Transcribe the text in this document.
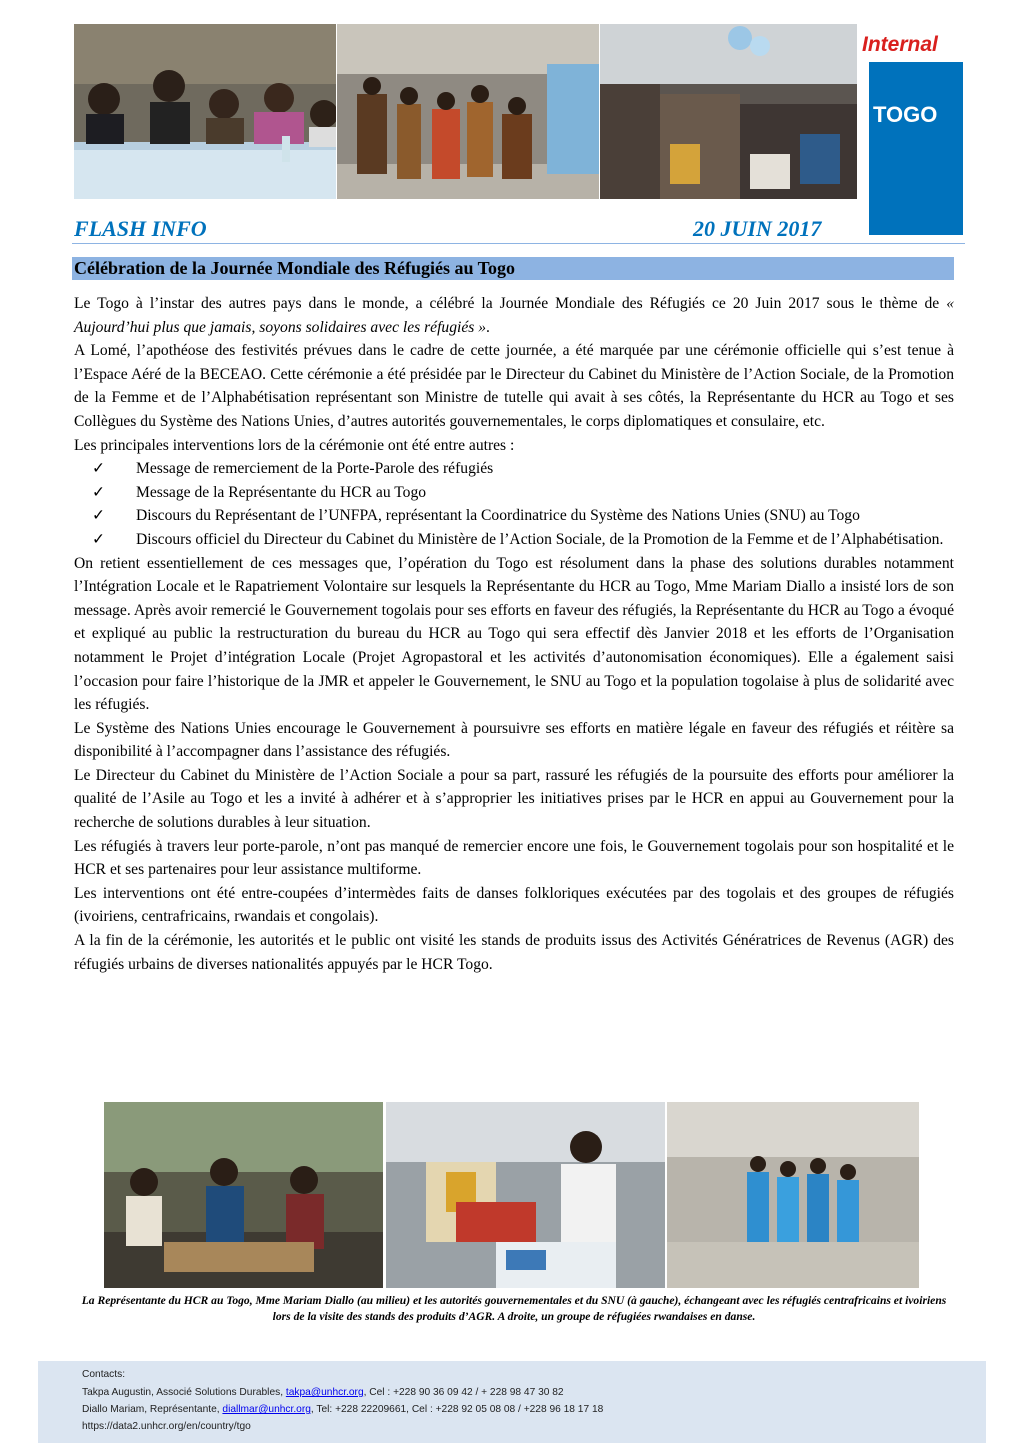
Internal
TOGO
FLASH INFO	20 JUIN 2017
Célébration de la Journée Mondiale des Réfugiés au Togo

Le Togo à l’instar des autres pays dans le monde, a célébré la Journée Mondiale des Réfugiés ce 20 Juin 2017 sous le thème de « Aujourd’hui plus que jamais, soyons solidaires avec les réfugiés ».

A Lomé, l’apothéose des festivités prévues dans le cadre de cette journée, a été marquée par une cérémonie officielle qui s’est tenue à l’Espace Aéré de la BECEAO. Cette cérémonie a été présidée par le Directeur du Cabinet du Ministère de l’Action Sociale, de la Promotion de la Femme et de l’Alphabétisation représentant son Ministre de tutelle qui avait à ses côtés, la Représentante du HCR au Togo et ses Collègues du Système des Nations Unies, d’autres autorités gouvernementales, le corps diplomatiques et consulaire, etc.

Les principales interventions lors de la cérémonie ont été entre autres :

✓ Message de remerciement de la Porte-Parole des réfugiés
✓ Message de la Représentante du HCR au Togo
✓ Discours du Représentant de l’UNFPA, représentant la Coordinatrice du Système des Nations Unies (SNU) au Togo
✓ Discours officiel du Directeur du Cabinet du Ministère de l’Action Sociale, de la Promotion de la Femme et de l’Alphabétisation.

On retient essentiellement de ces messages que, l’opération du Togo est résolument dans la phase des solutions durables notamment l’Intégration Locale et le Rapatriement Volontaire sur lesquels la Représentante du HCR au Togo, Mme Mariam Diallo a insisté lors de son message. Après avoir remercié le Gouvernement togolais pour ses efforts en faveur des réfugiés, la Représentante du HCR au Togo a évoqué et expliqué au public la restructuration du bureau du HCR au Togo qui sera effectif dès Janvier 2018 et les efforts de l’Organisation notamment le Projet d’intégration Locale (Projet Agropastoral et les activités d’autonomisation économiques). Elle a également saisi l’occasion pour faire l’historique de la JMR et appeler le Gouvernement, le SNU au Togo et la population togolaise à plus de solidarité avec les réfugiés.

Le Système des Nations Unies encourage le Gouvernement à poursuivre ses efforts en matière légale en faveur des réfugiés et réitère sa disponibilité à l’accompagner dans l’assistance des réfugiés.

Le Directeur du Cabinet du Ministère de l’Action Sociale a pour sa part, rassuré les réfugiés de la poursuite des efforts pour améliorer la qualité de l’Asile au Togo et les a invité à adhérer et à s’approprier les initiatives prises par le HCR en appui au Gouvernement pour la recherche de solutions durables à leur situation.

Les réfugiés à travers leur porte-parole, n’ont pas manqué de remercier encore une fois, le Gouvernement togolais pour son hospitalité et le HCR et ses partenaires pour leur assistance multiforme.

Les interventions ont été entre-coupées d’intermèdes faits de danses folkloriques exécutées par des togolais et des groupes de réfugiés (ivoiriens, centrafricains, rwandais et congolais).

A la fin de la cérémonie, les autorités et le public ont visité les stands de produits issus des Activités Génératrices de Revenus (AGR) des réfugiés urbains de diverses nationalités appuyés par le HCR Togo.

La Représentante du HCR au Togo, Mme Mariam Diallo (au milieu) et les autorités gouvernementales et du SNU (à gauche), échangeant avec les réfugiés centrafricains et ivoiriens lors de la visite des stands des produits d’AGR. A droite, un groupe de réfugiées rwandaises en danse.
Contacts:
Takpa Augustin, Associé Solutions Durables, takpa@unhcr.org, Cel : +228 90 36 09 42 / + 228 98 47 30 82
Diallo Mariam, Représentante, diallmar@unhcr.org, Tel: +228 22209661, Cel : +228 92 05 08 08 / +228 96 18 17 18
https://data2.unhcr.org/en/country/tgo
